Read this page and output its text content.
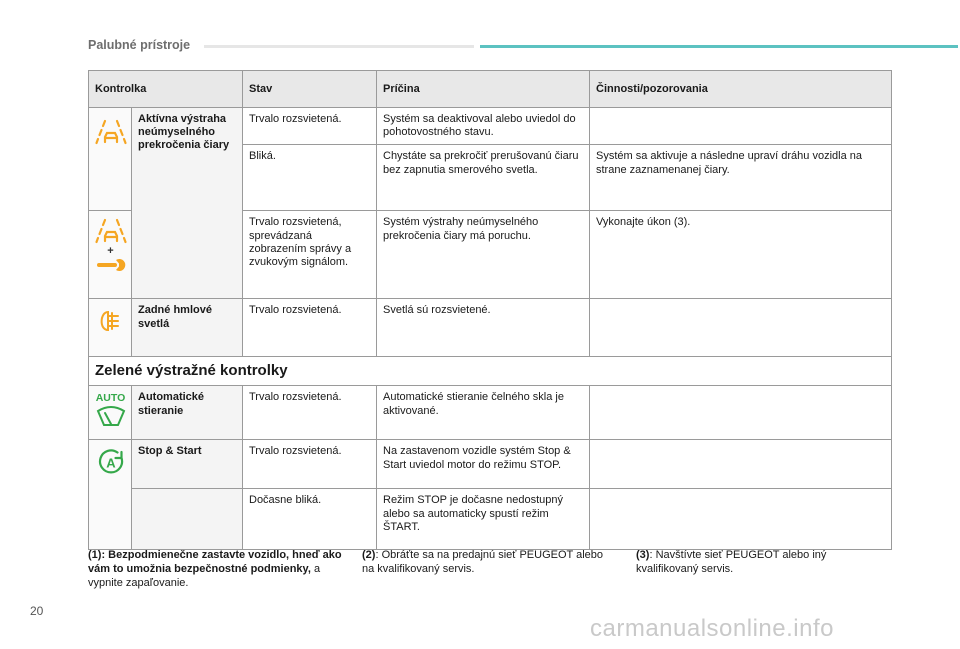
Palubné prístroje
Kontrolka		Stav	Príčina	Činnosti/pozorovania

	Aktívna výstraha neúmyselného prekročenia čiary	Trvalo rozsvietená.	Systém sa deaktivoval alebo uviedol do pohotovostného stavu.	
		Bliká.	Chystáte sa prekročiť prerušovanú čiaru bez zapnutia smerového svetla.	Systém sa aktivuje a následne upraví dráhu vozidla na strane zaznamenanej čiary.

+		Trvalo rozsvietená, sprevádzaná zobrazením správy a zvukovým signálom.	Systém výstrahy neúmyselného prekročenia čiary má poruchu.	Vykonajte úkon (3).

	Zadné hmlové svetlá	Trvalo rozsvietená.	Svetlá sú rozsvietené.	
Zelené výstražné kontrolky				

AUTO	Automatické stieranie	Trvalo rozsvietená.	Automatické stieranie čelného skla je aktivované.	

A	Stop & Start	Trvalo rozsvietená.	Na zastavenom vozidle systém Stop & Start uviedol motor do režimu STOP.	
		Dočasne bliká.	Režim STOP je dočasne nedostupný alebo sa automaticky spustí režim ŠTART.	
(1): Bezpodmienečne zastavte vozidlo, hneď ako vám to umožnia bezpečnostné podmienky, a vypnite zapaľovanie.
(2): Obráťte sa na predajnú sieť PEUGEOT alebo na kvalifikovaný servis.
(3): Navštívte sieť PEUGEOT alebo iný kvalifikovaný servis.
20
carmanualsonline.info
